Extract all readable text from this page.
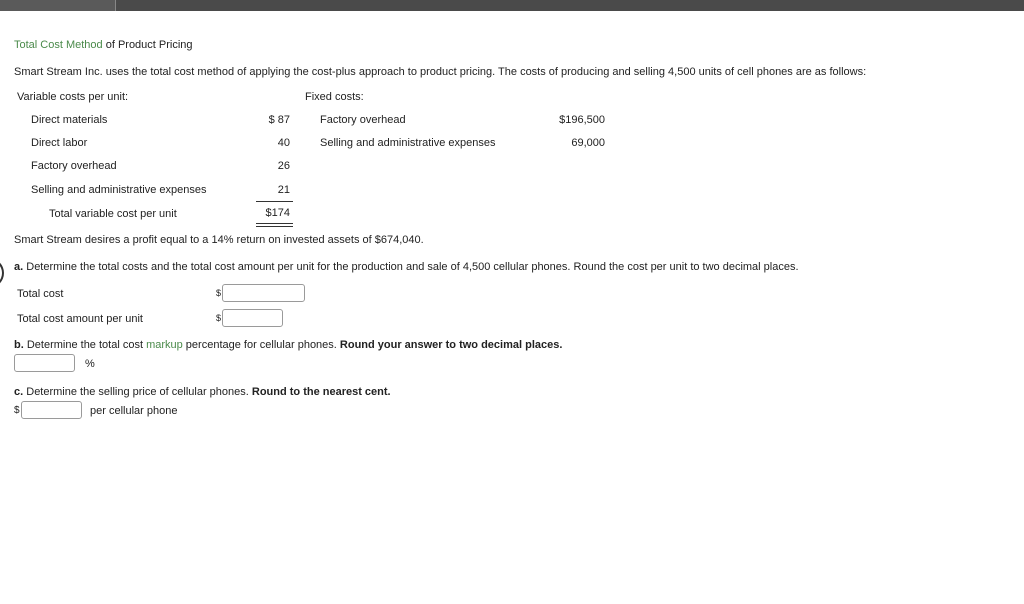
Total Cost Method of Product Pricing
Smart Stream Inc. uses the total cost method of applying the cost-plus approach to product pricing. The costs of producing and selling 4,500 units of cell phones are as follows:
Variable costs per unit:
Direct materials	$ 87
Direct labor	40
Factory overhead	26
Selling and administrative expenses	21
Total variable cost per unit	$174
Fixed costs:
Factory overhead	$196,500
Selling and administrative expenses	69,000
Smart Stream desires a profit equal to a 14% return on invested assets of $674,040.
a. Determine the total costs and the total cost amount per unit for the production and sale of 4,500 cellular phones. Round the cost per unit to two decimal places.
Total cost	$
Total cost amount per unit	$
b. Determine the total cost markup percentage for cellular phones. Round your answer to two decimal places.
%
c. Determine the selling price of cellular phones. Round to the nearest cent.
$	per cellular phone
